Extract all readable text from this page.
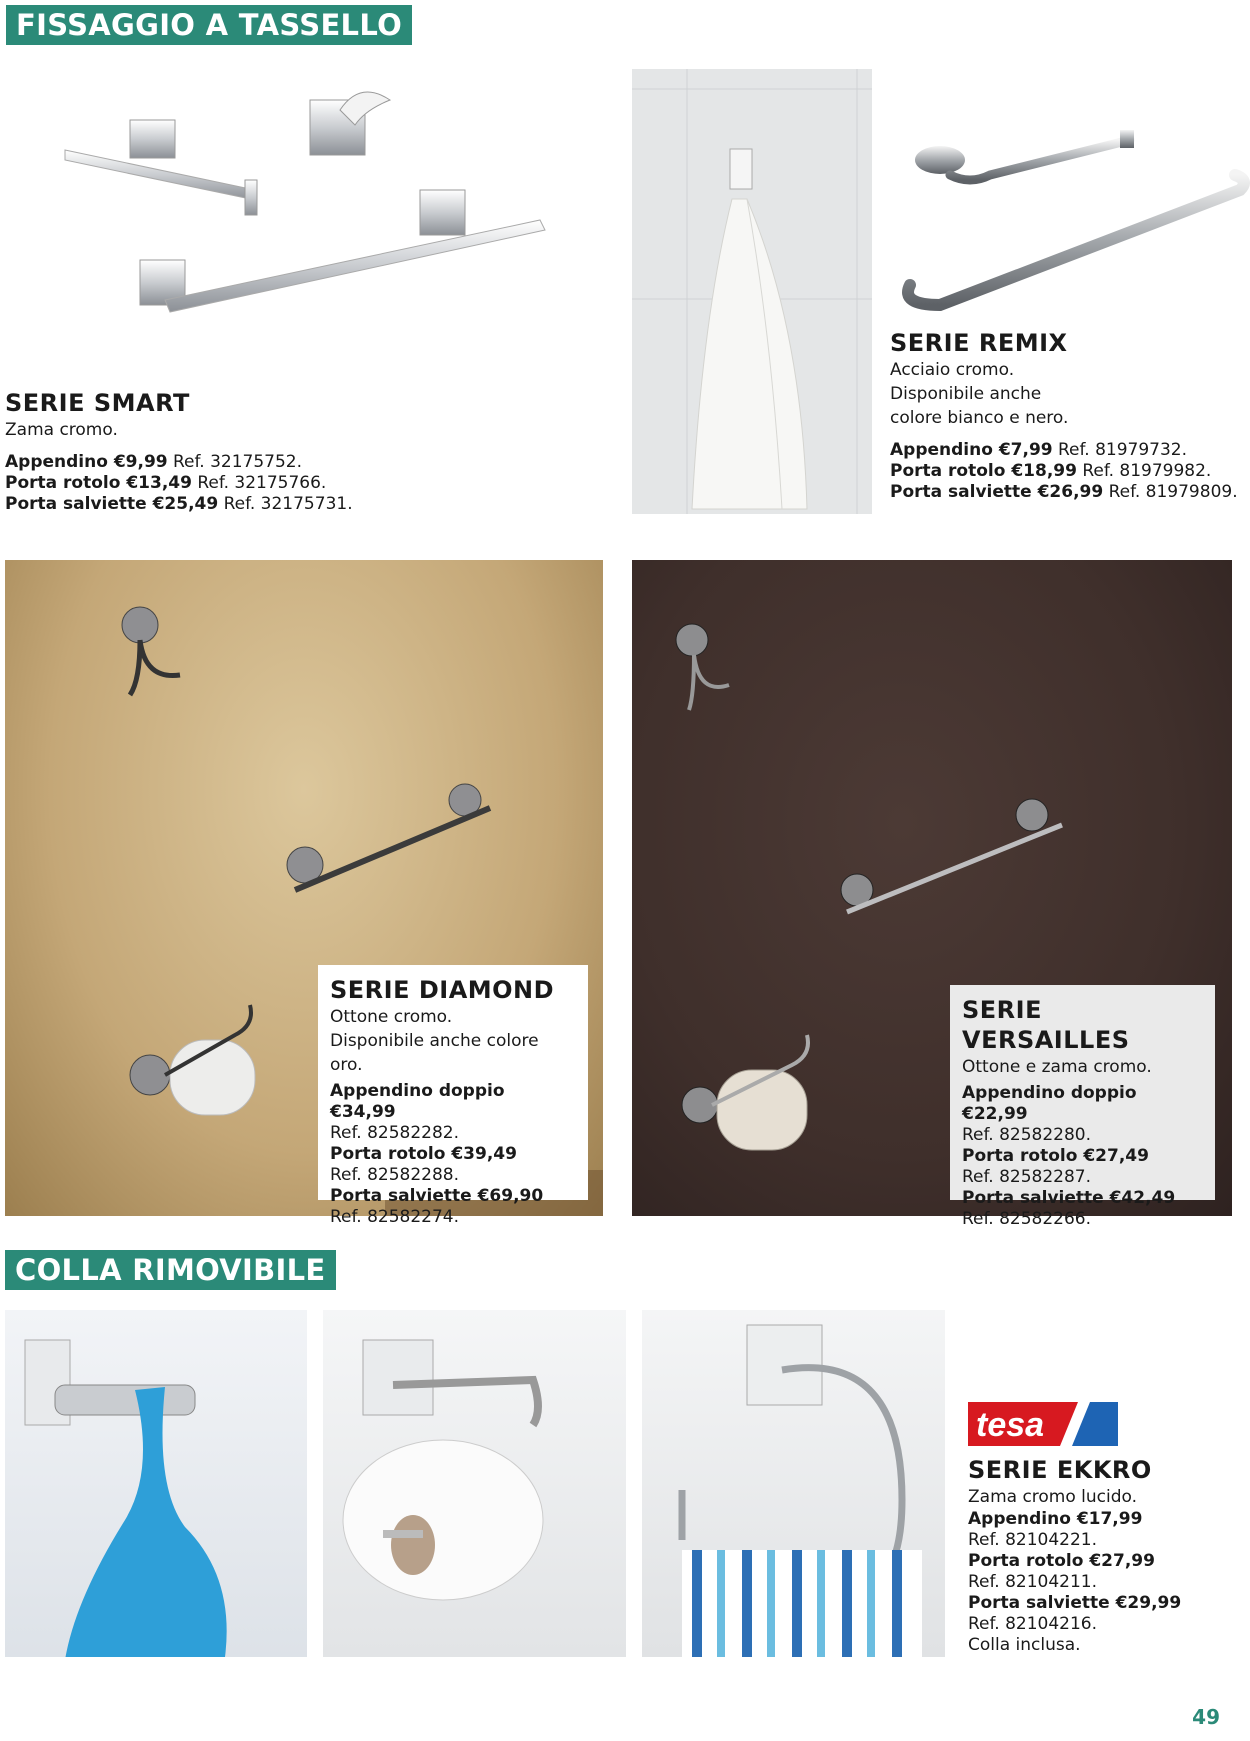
FISSAGGIO A TASSELLO
SERIE SMART
Zama cromo.
Appendino €9,99 Ref. 32175752.
Porta rotolo €13,49 Ref. 32175766.
Porta salviette €25,49 Ref. 32175731.
SERIE REMIX
Acciaio cromo.
Disponibile anche
colore bianco e nero.
Appendino €7,99 Ref. 81979732.
Porta rotolo €18,99 Ref. 81979982.
Porta salviette €26,99 Ref. 81979809.
SERIE DIAMOND
Ottone cromo.
Disponibile anche colore oro.
Appendino doppio €34,99
Ref. 82582282.
Porta rotolo €39,49
Ref. 82582288.
Porta salviette €69,90
Ref. 82582274.
SERIE VERSAILLES
Ottone e zama cromo.
Appendino doppio €22,99
Ref. 82582280.
Porta rotolo €27,49
Ref. 82582287.
Porta salviette €42,49
Ref. 82582266.
COLLA RIMOVIBILE
tesa
SERIE EKKRO
Zama cromo lucido.
Appendino €17,99
Ref. 82104221.
Porta rotolo €27,99
Ref. 82104211.
Porta salviette €29,99
Ref. 82104216.
Colla inclusa.
49
